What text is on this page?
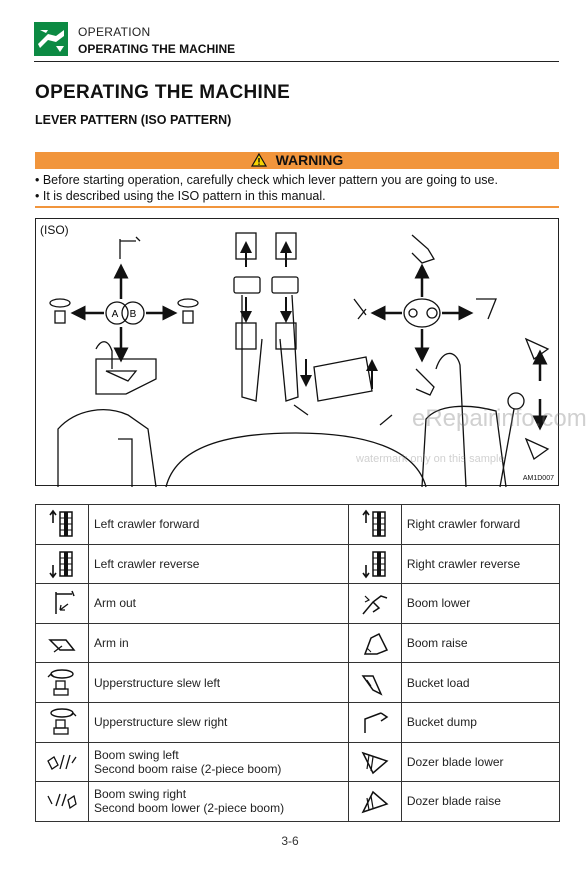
OPERATION
OPERATING THE MACHINE
OPERATING THE MACHINE
LEVER PATTERN (ISO PATTERN)
WARNING
• Before starting operation, carefully check which lever pattern you are going to use.
• It is described using the ISO pattern in this manual.
(ISO)
A B
eRepairinfo.com
watermark only on this sample
AM1D007

Left crawler forward		Right crawler forward

Left crawler reverse		Right crawler reverse

Arm out		Boom lower

Arm in		Boom raise

Upperstructure slew left		Bucket load

Upperstructure slew right		Bucket dump

Boom swing left
Second boom raise (2-piece boom)		Dozer blade lower

Boom swing right
Second boom lower (2-piece boom)		Dozer blade raise
3-6
